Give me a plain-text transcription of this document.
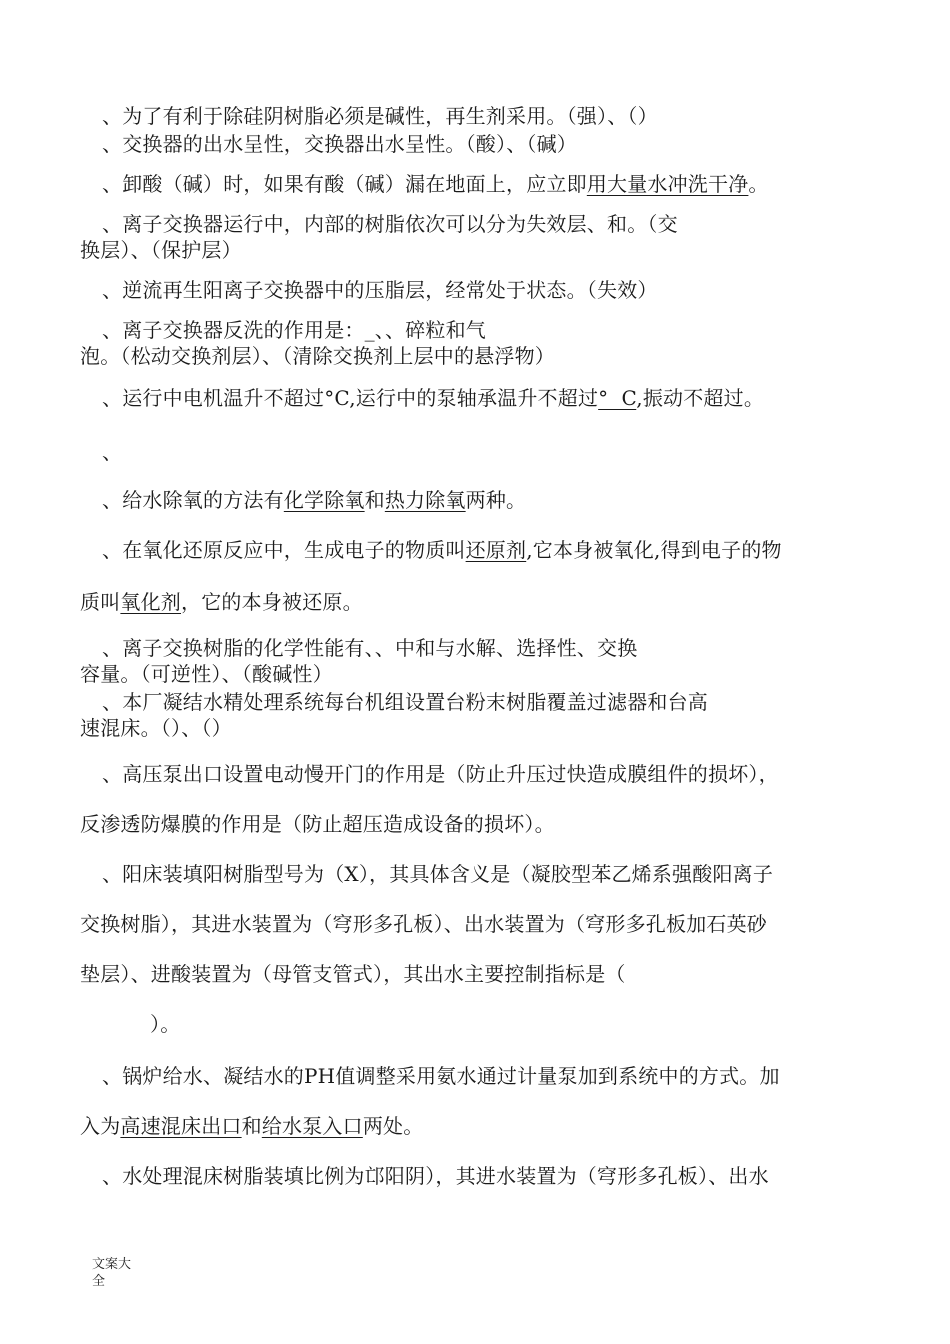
、为了有利于除硅阴树脂必须是碱性，再生剂采用。（强）、（）
、交换器的出水呈性，交换器出水呈性。（酸）、（碱）
、卸酸（碱）时，如果有酸（碱）漏在地面上，应立即用大量水冲洗干净。
、离子交换器运行中，内部的树脂依次可以分为失效层、和。（交
换层）、（保护层）
、逆流再生阳离子交换器中的压脂层，经常处于状态。（失效）
、离子交换器反洗的作用是：_、、碎粒和气
泡。（松动交换剂层）、（清除交换剂上层中的悬浮物）
、运行中电机温升不超过°C,运行中的泵轴承温升不超过°  C,振动不超过。
、
、给水除氧的方法有化学除氧和热力除氧两种。
、在氧化还原反应中，生成电子的物质叫还原剂,它本身被氧化,得到电子的物
质叫氧化剂，它的本身被还原。
、离子交换树脂的化学性能有、、中和与水解、选择性、交换
容量。（可逆性）、（酸碱性）
、本厂凝结水精处理系统每台机组设置台粉末树脂覆盖过滤器和台高
速混床。（）、（）
、高压泵出口设置电动慢开门的作用是（防止升压过快造成膜组件的损坏），
反渗透防爆膜的作用是（防止超压造成设备的损坏）。
、阳床装填阳树脂型号为（X），其具体含义是（凝胶型苯乙烯系强酸阳离子
交换树脂），其进水装置为（穹形多孔板）、出水装置为（穹形多孔板加石英砂
垫层）、进酸装置为（母管支管式），其出水主要控制指标是（
）。
、锅炉给水、凝结水的PH值调整采用氨水通过计量泵加到系统中的方式。加
入为高速混床出口和给水泵入口两处。
、水处理混床树脂装填比例为邙阳阴），其进水装置为（穹形多孔板）、出水
文案大
全
